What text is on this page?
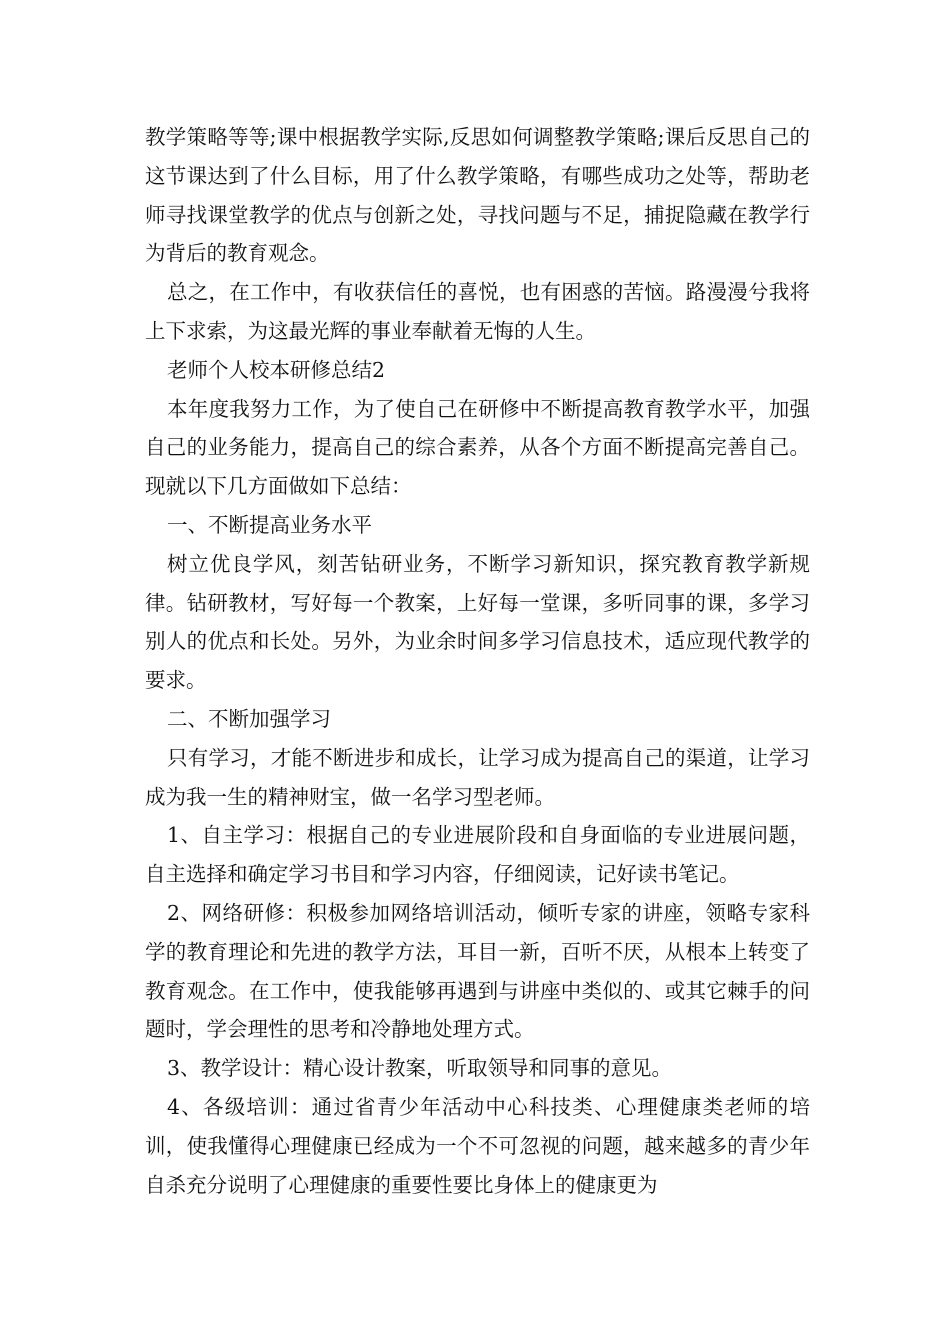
教学策略等等;课中根据教学实际,反思如何调整教学策略;课后反思自己的这节课达到了什么目标，用了什么教学策略，有哪些成功之处等，帮助老师寻找课堂教学的优点与创新之处，寻找问题与不足，捕捉隐藏在教学行为背后的教育观念。

总之，在工作中，有收获信任的喜悦，也有困惑的苦恼。路漫漫兮我将上下求索，为这最光辉的事业奉献着无悔的人生。

老师个人校本研修总结2

本年度我努力工作，为了使自己在研修中不断提高教育教学水平，加强自己的业务能力，提高自己的综合素养，从各个方面不断提高完善自己。现就以下几方面做如下总结：

一、不断提高业务水平

树立优良学风，刻苦钻研业务，不断学习新知识，探究教育教学新规律。钻研教材，写好每一个教案，上好每一堂课，多听同事的课，多学习别人的优点和长处。另外，为业余时间多学习信息技术，适应现代教学的要求。

二、不断加强学习

只有学习，才能不断进步和成长，让学习成为提高自己的渠道，让学习成为我一生的精神财宝，做一名学习型老师。

1、自主学习：根据自己的专业进展阶段和自身面临的专业进展问题，自主选择和确定学习书目和学习内容，仔细阅读，记好读书笔记。

2、网络研修：积极参加网络培训活动，倾听专家的讲座，领略专家科学的教育理论和先进的教学方法，耳目一新，百听不厌，从根本上转变了教育观念。在工作中，使我能够再遇到与讲座中类似的、或其它棘手的问题时，学会理性的思考和冷静地处理方式。

3、教学设计：精心设计教案，听取领导和同事的意见。

4、各级培训：通过省青少年活动中心科技类、心理健康类老师的培训，使我懂得心理健康已经成为一个不可忽视的问题，越来越多的青少年自杀充分说明了心理健康的重要性要比身体上的健康更为
